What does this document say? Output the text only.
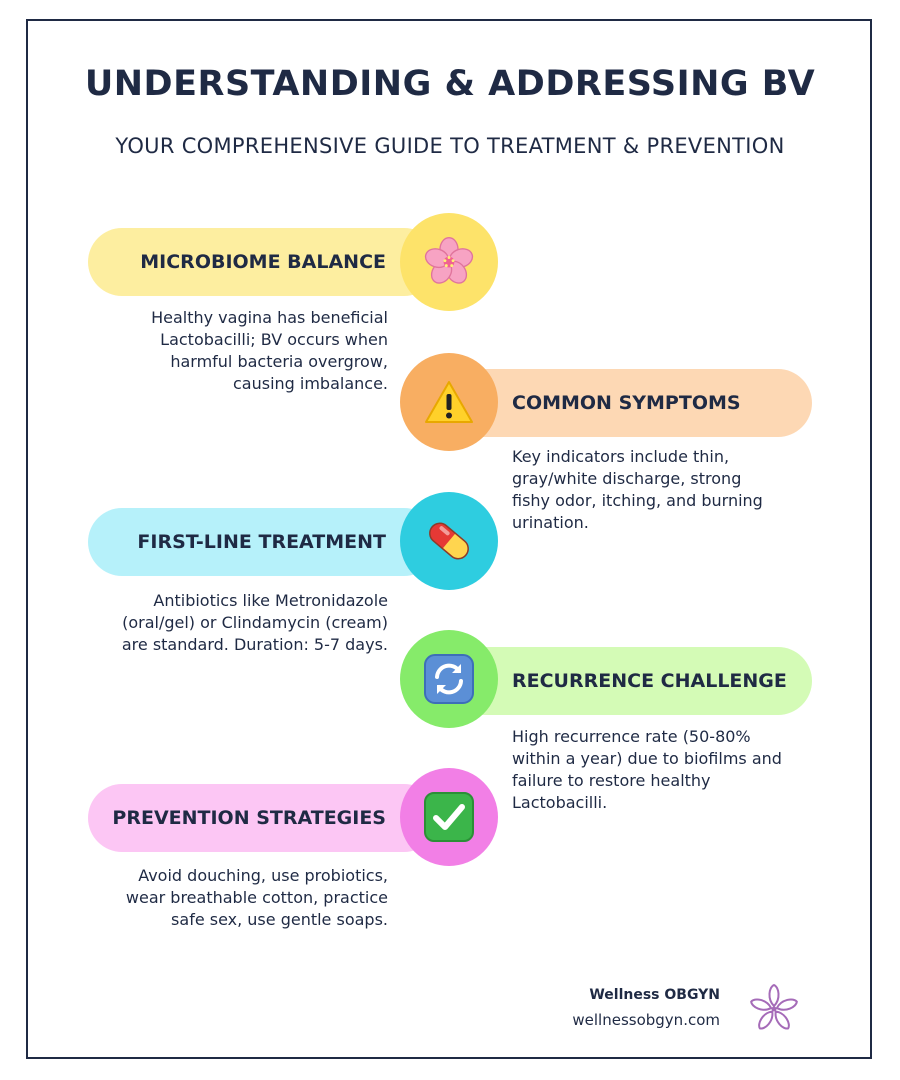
UNDERSTANDING & ADDRESSING BV
YOUR COMPREHENSIVE GUIDE TO TREATMENT & PREVENTION
MICROBIOME BALANCE
Healthy vagina has beneficial Lactobacilli; BV occurs when harmful bacteria overgrow, causing imbalance.
COMMON SYMPTOMS
Key indicators include thin, gray/white discharge, strong fishy odor, itching, and burning urination.
FIRST-LINE TREATMENT
Antibiotics like Metronidazole (oral/gel) or Clindamycin (cream) are standard. Duration: 5-7 days.
RECURRENCE CHALLENGE
High recurrence rate (50-80% within a year) due to biofilms and failure to restore healthy Lactobacilli.
PREVENTION STRATEGIES
Avoid douching, use probiotics, wear breathable cotton, practice safe sex, use gentle soaps.
Wellness OBGYN
wellnessobgyn.com
